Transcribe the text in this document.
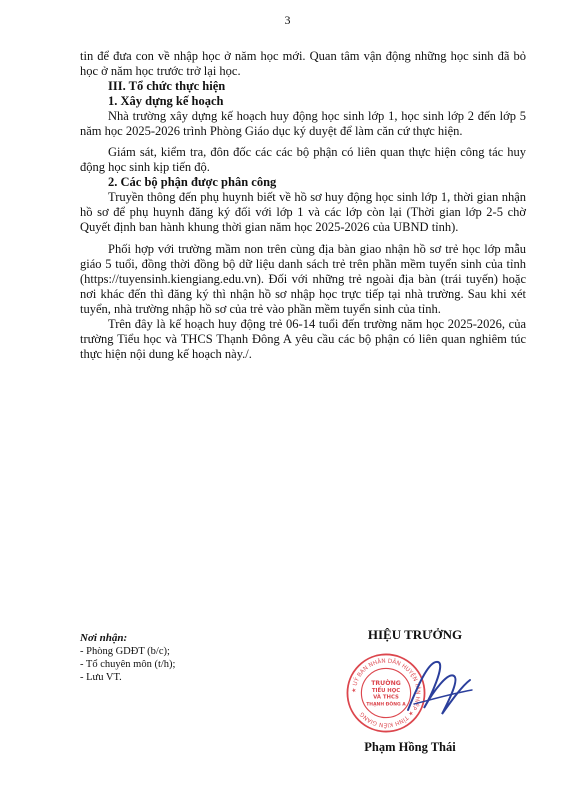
3

tin để đưa con về nhập học ở năm học mới. Quan tâm vận động những học sinh đã bỏ học ở năm học trước trở lại học.

III. Tổ chức thực hiện

1. Xây dựng kế hoạch

Nhà trường xây dựng kế hoạch huy động học sinh lớp 1, học sinh lớp 2 đến lớp 5 năm học 2025-2026 trình Phòng Giáo dục ký duyệt để làm căn cứ thực hiện.

Giám sát, kiểm tra, đôn đốc các các bộ phận có liên quan thực hiện công tác huy động học sinh kịp tiến độ.

2. Các bộ phận được phân công

Truyền thông đến phụ huynh biết về hồ sơ huy động học sinh lớp 1, thời gian nhận hồ sơ để phụ huynh đăng ký đối với lớp 1 và các lớp còn lại (Thời gian lớp 2-5 chờ Quyết định ban hành khung thời gian năm học 2025-2026 của UBND tỉnh).

Phối hợp với trường mầm non trên cùng địa bàn giao nhận hồ sơ trẻ học lớp mẫu giáo 5 tuổi, đồng thời đồng bộ dữ liệu danh sách trẻ trên phần mềm tuyển sinh của tỉnh (https://tuyensinh.kiengiang.edu.vn). Đối với những trẻ ngoài địa bàn (trái tuyến) hoặc nơi khác đến thì đăng ký thì nhận hồ sơ nhập học trực tiếp tại nhà trường. Sau khi xét tuyển, nhà trường nhập hồ sơ của trẻ vào phần mềm tuyển sinh của tỉnh.

Trên đây là kế hoạch huy động trẻ 06-14 tuổi đến trường năm học 2025-2026, của trường Tiểu học và THCS Thạnh Đông A yêu cầu các bộ phận có liên quan nghiêm túc thực hiện nội dung kế hoạch này./.

Nơi nhận:
- Phòng GDĐT (b/c);
- Tổ chuyên môn (t/h);
- Lưu VT.
HIỆU TRƯỞNG
★ UỶ BAN NHÂN DÂN HUYỆN TÂN HIỆP ★ TỈNH KIÊN GIANG
TRƯỜNG
TIỂU HỌC
VÀ THCS
THẠNH ĐÔNG A
Phạm Hồng Thái
